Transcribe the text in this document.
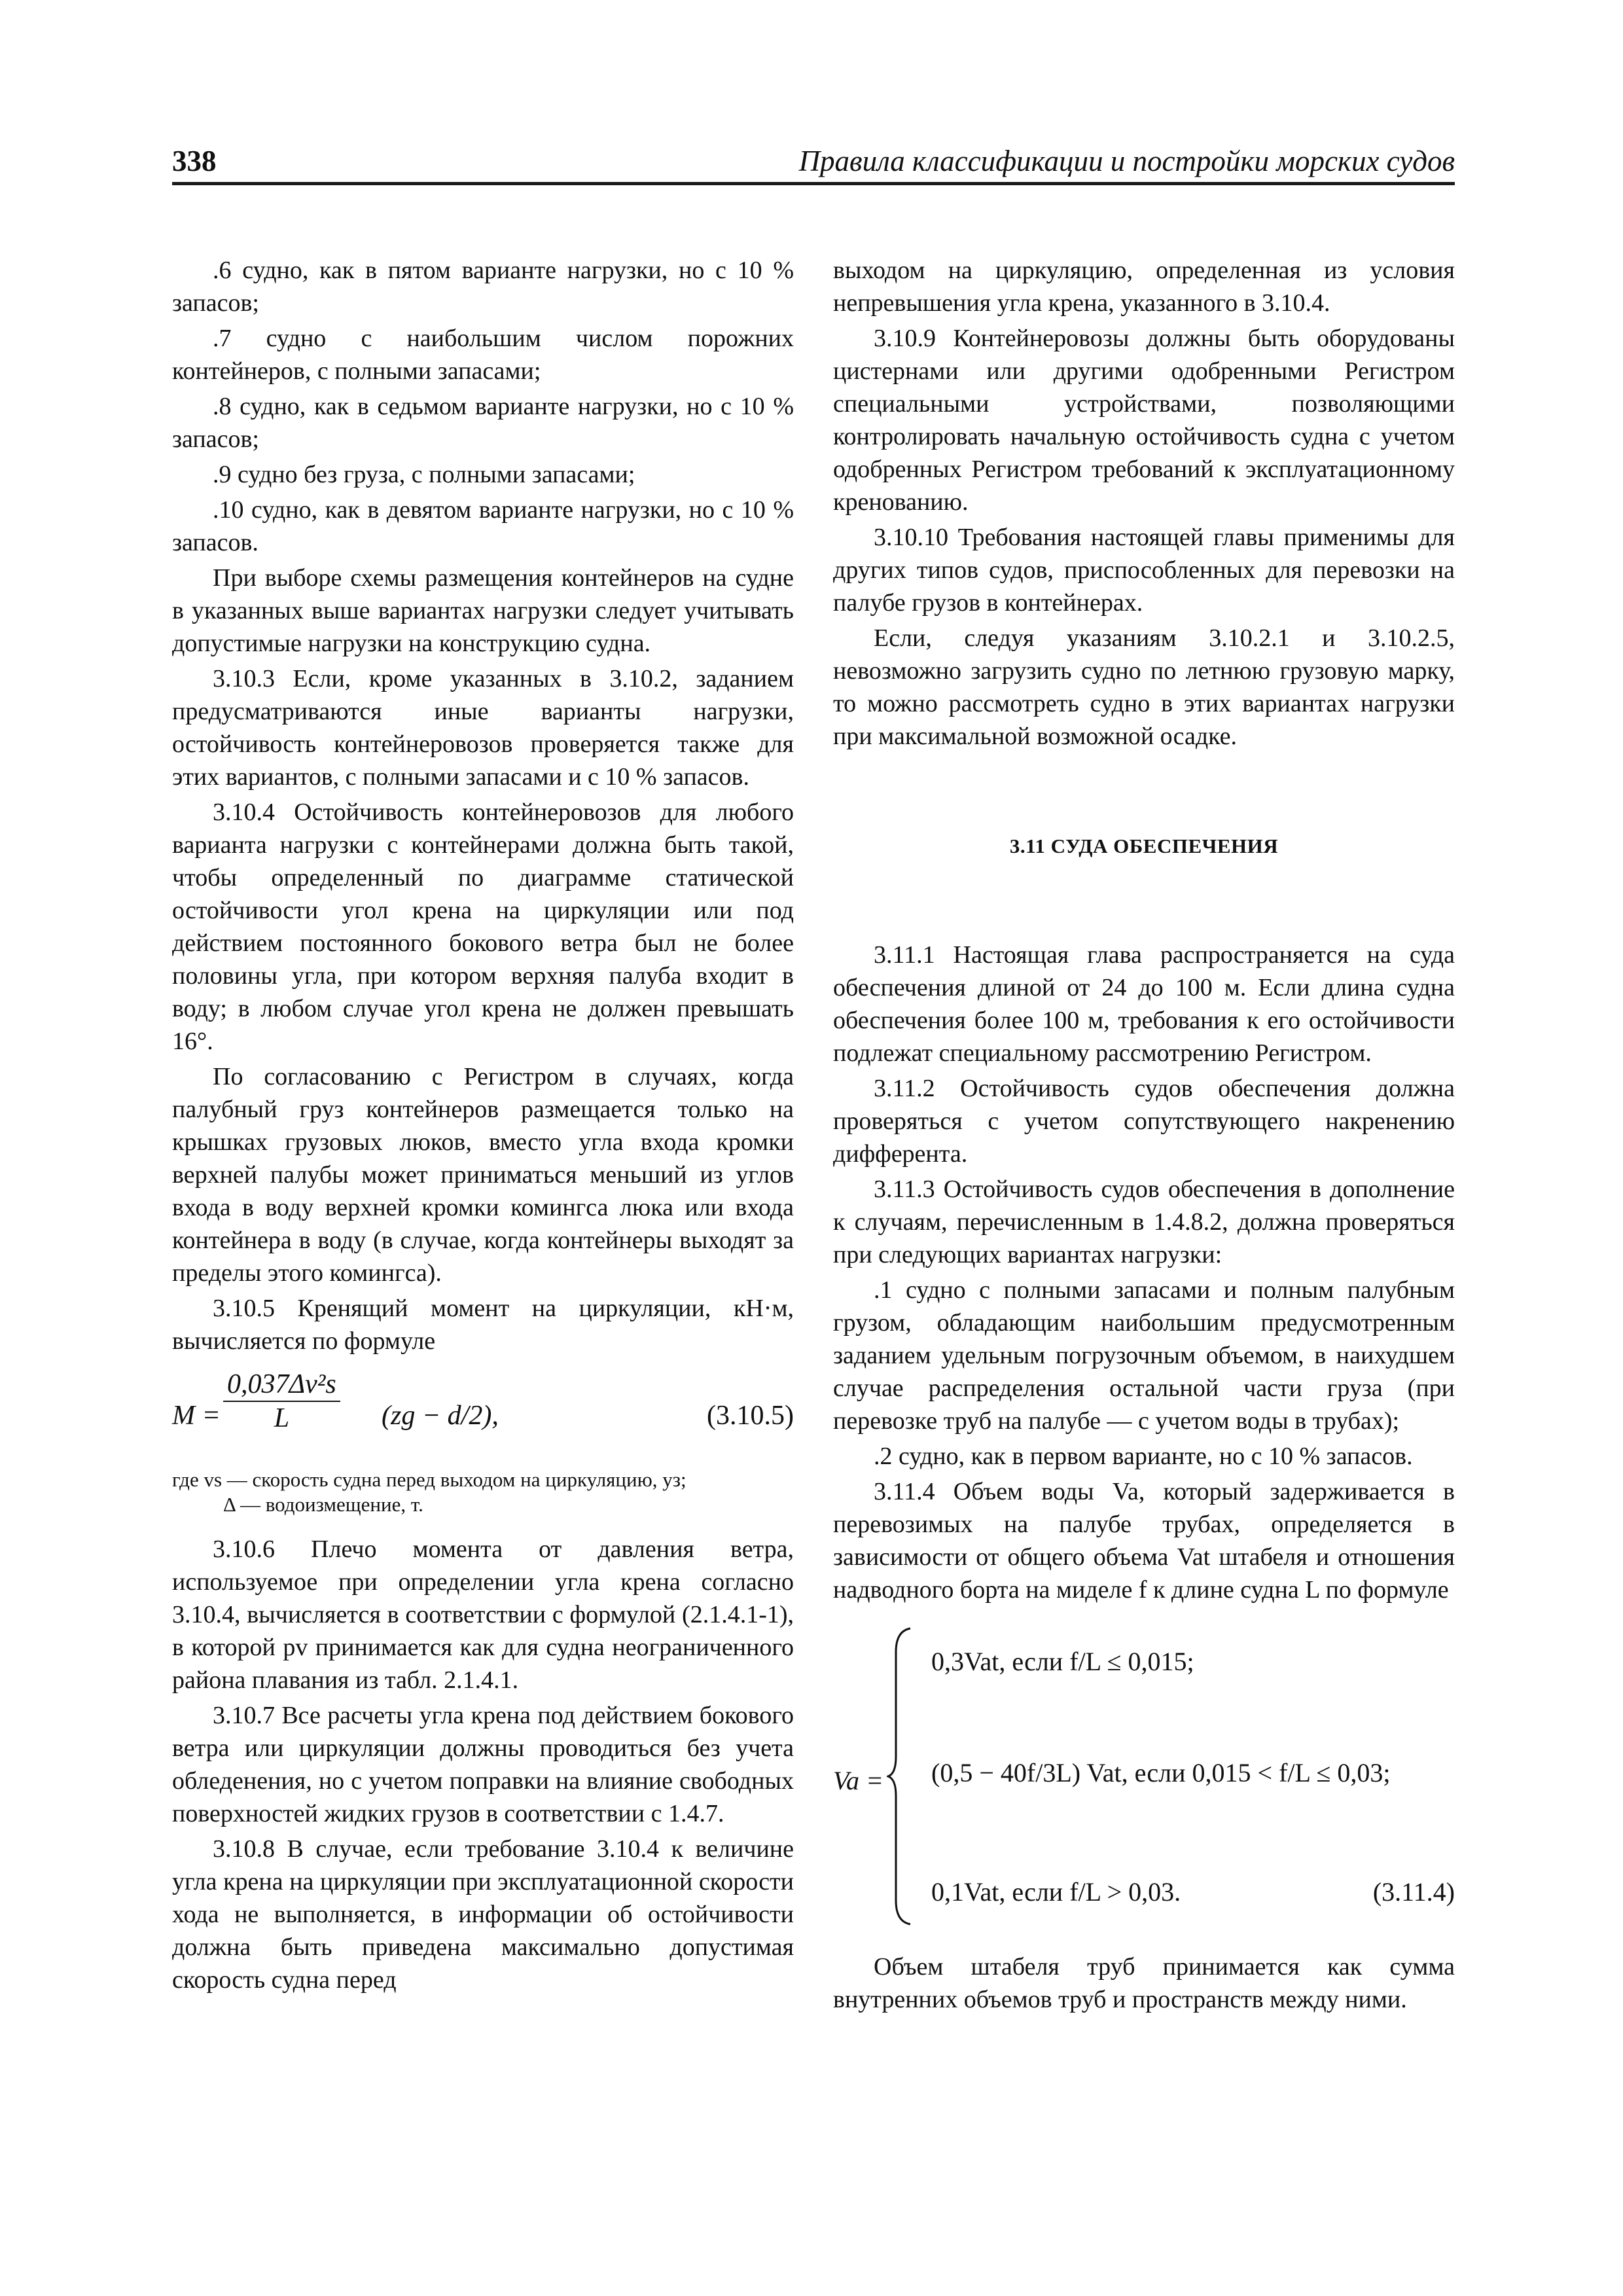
338	Правила классификации и постройки морских судов

.6 судно, как в пятом варианте нагрузки, но с 10 % запасов;

.7 судно с наибольшим числом порожних контейнеров, с полными запасами;

.8 судно, как в седьмом варианте нагрузки, но с 10 % запасов;

.9 судно без груза, с полными запасами;

.10 судно, как в девятом варианте нагрузки, но с 10 % запасов.

При выборе схемы размещения контейнеров на судне в указанных выше вариантах нагрузки следует учитывать допустимые нагрузки на конструкцию судна.

3.10.3 Если, кроме указанных в 3.10.2, заданием предусматриваются иные варианты нагрузки, остойчивость контейнеровозов проверяется также для этих вариантов, с полными запасами и с 10 % запасов.

3.10.4 Остойчивость контейнеровозов для любого варианта нагрузки с контейнерами должна быть такой, чтобы определенный по диаграмме статической остойчивости угол крена на циркуляции или под действием постоянного бокового ветра был не более половины угла, при котором верхняя палуба входит в воду; в любом случае угол крена не должен превышать 16°.

По согласованию с Регистром в случаях, когда палубный груз контейнеров размещается только на крышках грузовых люков, вместо угла входа кромки верхней палубы может приниматься меньший из углов входа в воду верхней кромки комингса люка или входа контейнера в воду (в случае, когда контейнеры выходят за пределы этого комингса).

3.10.5 Кренящий момент на циркуляции, кН·м, вычисляется по формуле

$M = \frac{\text{0,037Δv²s}}{L} (zg - d/2)$,	(3.10.5)
где vs — скорость судна перед выходом на циркуляцию, уз;
Δ — водоизмещение, т.

3.10.6 Плечо момента от давления ветра, используемое при определении угла крена согласно 3.10.4, вычисляется в соответствии с формулой (2.1.4.1-1), в которой pv принимается как для судна неограниченного района плавания из табл. 2.1.4.1.

3.10.7 Все расчеты угла крена под действием бокового ветра или циркуляции должны проводиться без учета обледенения, но с учетом поправки на влияние свободных поверхностей жидких грузов в соответствии с 1.4.7.

3.10.8 В случае, если требование 3.10.4 к величине угла крена на циркуляции при эксплуатационной скорости хода не выполняется, в информации об остойчивости должна быть приведена максимально допустимая скорость судна перед

выходом на циркуляцию, определенная из условия непревышения угла крена, указанного в 3.10.4.

3.10.9 Контейнеровозы должны быть оборудованы цистернами или другими одобренными Регистром специальными устройствами, позволяющими контролировать начальную остойчивость судна с учетом одобренных Регистром требований к эксплуатационному кренованию.

3.10.10 Требования настоящей главы применимы для других типов судов, приспособленных для перевозки на палубе грузов в контейнерах.

Если, следуя указаниям 3.10.2.1 и 3.10.2.5, невозможно загрузить судно по летнюю грузовую марку, то можно рассмотреть судно в этих вариантах нагрузки при максимальной возможной осадке.

3.11 СУДА ОБЕСПЕЧЕНИЯ

3.11.1 Настоящая глава распространяется на суда обеспечения длиной от 24 до 100 м. Если длина судна обеспечения более 100 м, требования к его остойчивости подлежат специальному рассмотрению Регистром.

3.11.2 Остойчивость судов обеспечения должна проверяться с учетом сопутствующего накренению дифферента.

3.11.3 Остойчивость судов обеспечения в дополнение к случаям, перечисленным в 1.4.8.2, должна проверяться при следующих вариантах нагрузки:

.1 судно с полными запасами и полным палубным грузом, обладающим наибольшим предусмотренным заданием удельным погрузочным объемом, в наихудшем случае распределения остальной части груза (при перевозке труб на палубе — с учетом воды в трубах);

.2 судно, как в первом варианте, но с 10 % запасов.

3.11.4 Объем воды Va, который задерживается в перевозимых на палубе трубах, определяется в зависимости от общего объема Vat штабеля и отношения надводного борта на миделе f к длине судна L по формуле

Va =
0,3Vat, если f/L ≤ 0,015;
(0,5 − 40f/3L) Vat, если 0,015 < f/L ≤ 0,03;
0,1Vat, если f/L > 0,03.	(3.11.4)

Объем штабеля труб принимается как сумма внутренних объемов труб и пространств между ними.
